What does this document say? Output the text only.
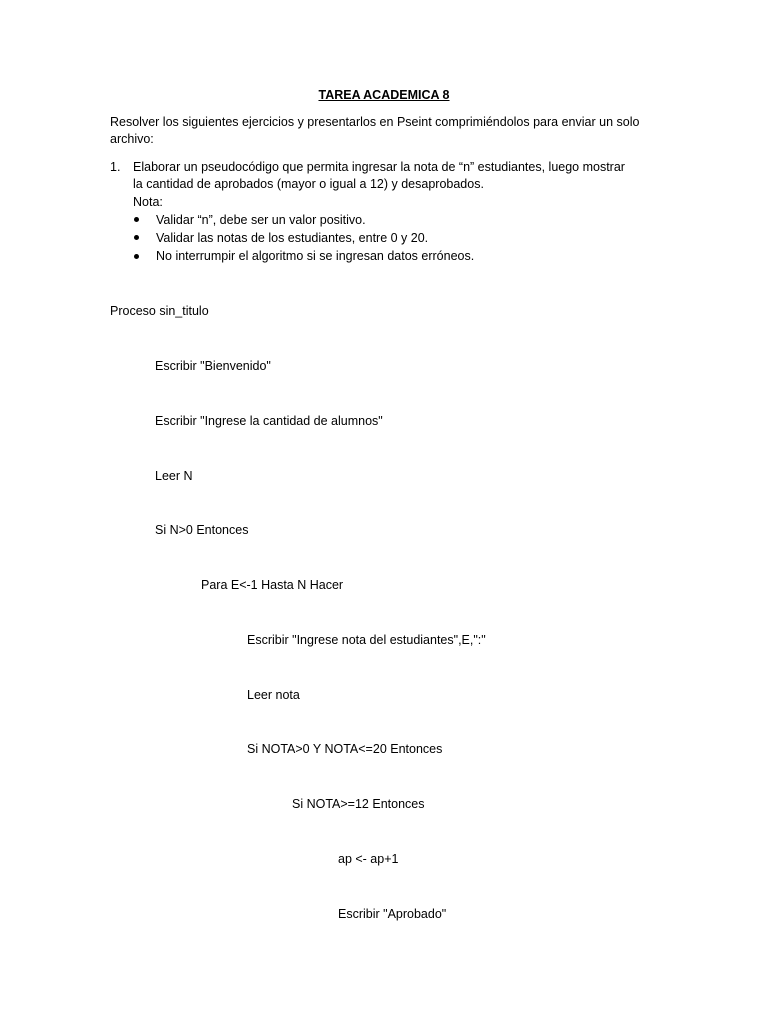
TAREA ACADEMICA 8
Resolver los siguientes ejercicios y presentarlos en Pseint comprimiéndolos para enviar un solo
archivo:
1. Elaborar un pseudocódigo que permita ingresar la nota de “n” estudiantes, luego mostrar
la cantidad de aprobados (mayor o igual a 12) y desaprobados.
Nota:
Validar “n”, debe ser un valor positivo.
Validar las notas de los estudiantes, entre 0 y 20.
No interrumpir el algoritmo si se ingresan datos erróneos.
Proceso sin_titulo
Escribir "Bienvenido"
Escribir "Ingrese la cantidad de alumnos"
Leer N
Si N>0 Entonces
Para E<-1 Hasta N Hacer
Escribir "Ingrese nota del estudiantes",E,":"
Leer nota
Si NOTA>0 Y NOTA<=20 Entonces
Si NOTA>=12 Entonces
ap <- ap+1
Escribir "Aprobado"
